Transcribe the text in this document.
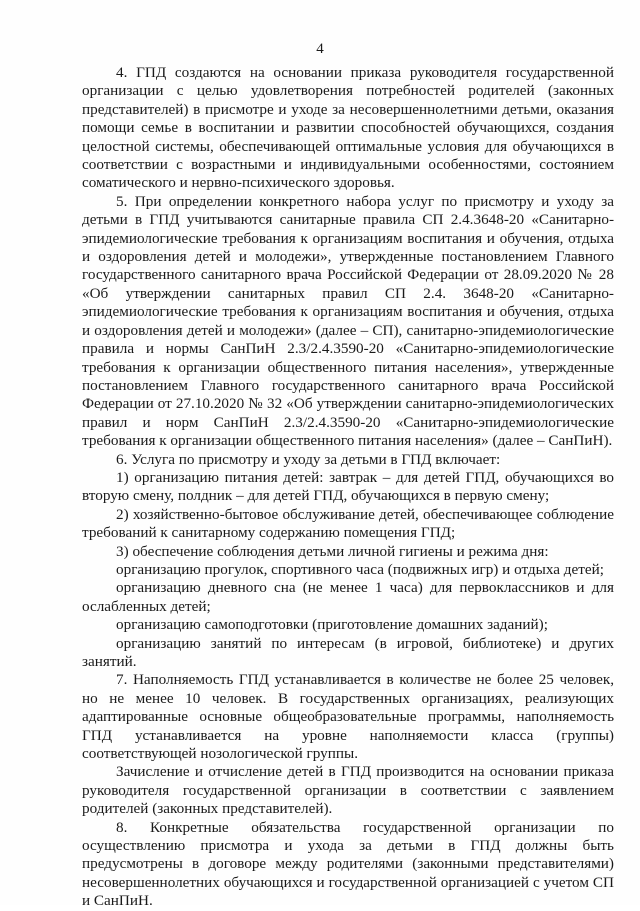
4

4. ГПД создаются на основании приказа руководителя государственной организации с целью удовлетворения потребностей родителей (законных представителей) в присмотре и уходе за несовершеннолетними детьми, оказания помощи семье в воспитании и развитии способностей обучающихся, создания целостной системы, обеспечивающей оптимальные условия для обучающихся в соответствии с возрастными и индивидуальными особенностями, состоянием соматического и нервно-психического здоровья.

5. При определении конкретного набора услуг по присмотру и уходу за детьми в ГПД учитываются санитарные правила СП 2.4.3648-20 «Санитарно-эпидемиологические требования к организациям воспитания и обучения, отдыха и оздоровления детей и молодежи», утвержденные постановлением Главного государственного санитарного врача Российской Федерации от 28.09.2020 № 28 «Об утверждении санитарных правил СП 2.4. 3648-20 «Санитарно-эпидемиологические требования к организациям воспитания и обучения, отдыха и оздоровления детей и молодежи» (далее – СП), санитарно-эпидемиологические правила и нормы СанПиН 2.3/2.4.3590-20 «Санитарно-эпидемиологические требования к организации общественного питания населения», утвержденные постановлением Главного государственного санитарного врача Российской Федерации от 27.10.2020 № 32 «Об утверждении санитарно-эпидемиологических правил и норм СанПиН 2.3/2.4.3590-20 «Санитарно-эпидемиологические требования к организации общественного питания населения» (далее – СанПиН).

6. Услуга по присмотру и уходу за детьми в ГПД включает:

1) организацию питания детей: завтрак – для детей ГПД, обучающихся во вторую смену, полдник – для детей ГПД, обучающихся в первую смену;

2) хозяйственно-бытовое обслуживание детей, обеспечивающее соблюдение требований к санитарному содержанию помещения ГПД;

3) обеспечение соблюдения детьми личной гигиены и режима дня:

организацию прогулок, спортивного часа (подвижных игр) и отдыха детей;

организацию дневного сна (не менее 1 часа) для первоклассников и для ослабленных детей;

организацию самоподготовки (приготовление домашних заданий);

организацию занятий по интересам (в игровой, библиотеке) и других занятий.

7. Наполняемость ГПД устанавливается в количестве не более 25 человек, но не менее 10 человек. В государственных организациях, реализующих адаптированные основные общеобразовательные программы, наполняемость ГПД устанавливается на уровне наполняемости класса (группы) соответствующей нозологической группы.

Зачисление и отчисление детей в ГПД производится на основании приказа руководителя государственной организации в соответствии с заявлением родителей (законных представителей).

8. Конкретные обязательства государственной организации по осуществлению присмотра и ухода за детьми в ГПД должны быть предусмотрены в договоре между родителями (законными представителями) несовершеннолетних обучающихся и государственной организацией с учетом СП и СанПиН.
